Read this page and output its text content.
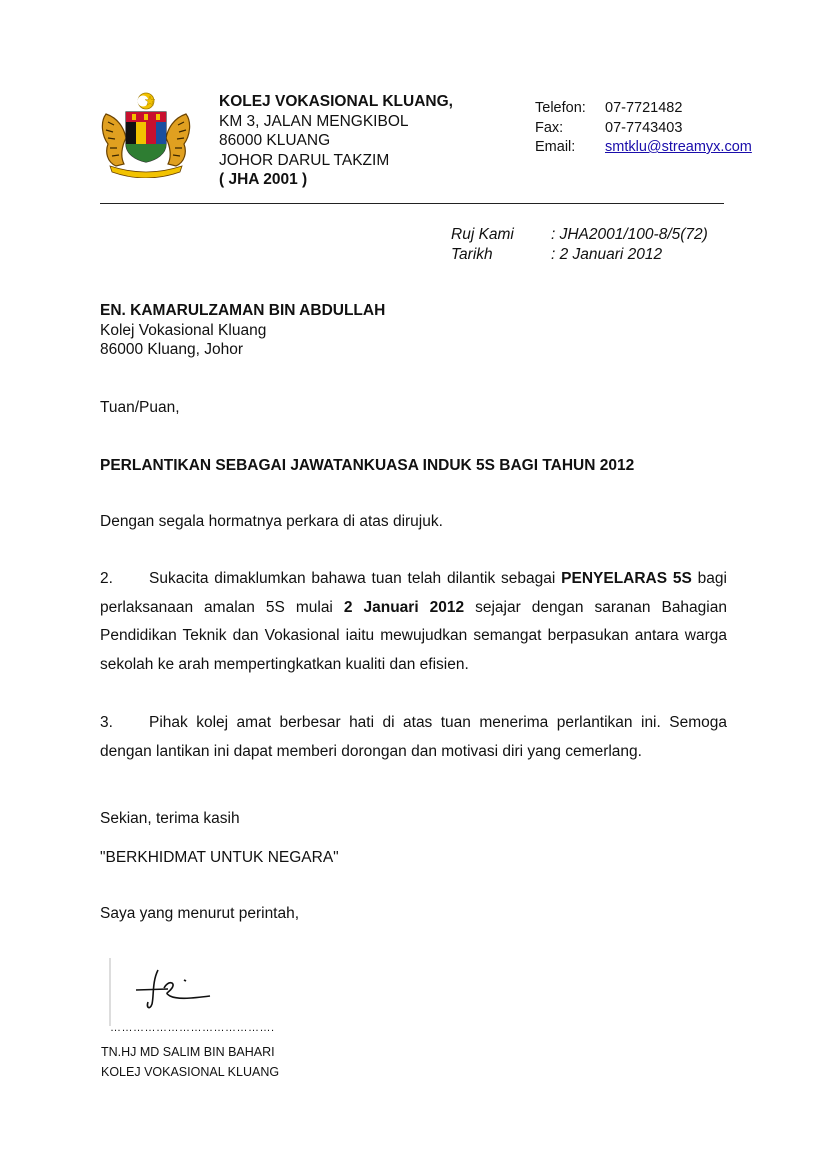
KOLEJ VOKASIONAL KLUANG,
KM 3, JALAN MENGKIBOL
86000 KLUANG
JOHOR DARUL TAKZIM
( JHA 2001 )
Telefon:	07-7721482
Fax:	07-7743403
Email:	smtklu@streamyx.com
Ruj Kami	: JHA2001/100-8/5(72)
Tarikh	: 2 Januari 2012
EN. KAMARULZAMAN BIN ABDULLAH
Kolej Vokasional Kluang
86000 Kluang, Johor
Tuan/Puan,
PERLANTIKAN SEBAGAI JAWATANKUASA INDUK 5S BAGI TAHUN 2012
Dengan segala hormatnya perkara di atas dirujuk.
2. Sukacita dimaklumkan bahawa tuan telah dilantik sebagai PENYELARAS 5S bagi perlaksanaan amalan 5S mulai 2 Januari 2012 sejajar dengan saranan Bahagian Pendidikan Teknik dan Vokasional iaitu mewujudkan semangat berpasukan antara warga sekolah ke arah mempertingkatkan kualiti dan efisien.
3. Pihak kolej amat berbesar hati di atas tuan menerima perlantikan ini. Semoga dengan lantikan ini dapat memberi dorongan dan motivasi diri yang cemerlang.
Sekian, terima kasih
"BERKHIDMAT UNTUK NEGARA"
Saya yang menurut perintah,
…………………………………….
TN.HJ MD SALIM BIN BAHARI
KOLEJ VOKASIONAL KLUANG
